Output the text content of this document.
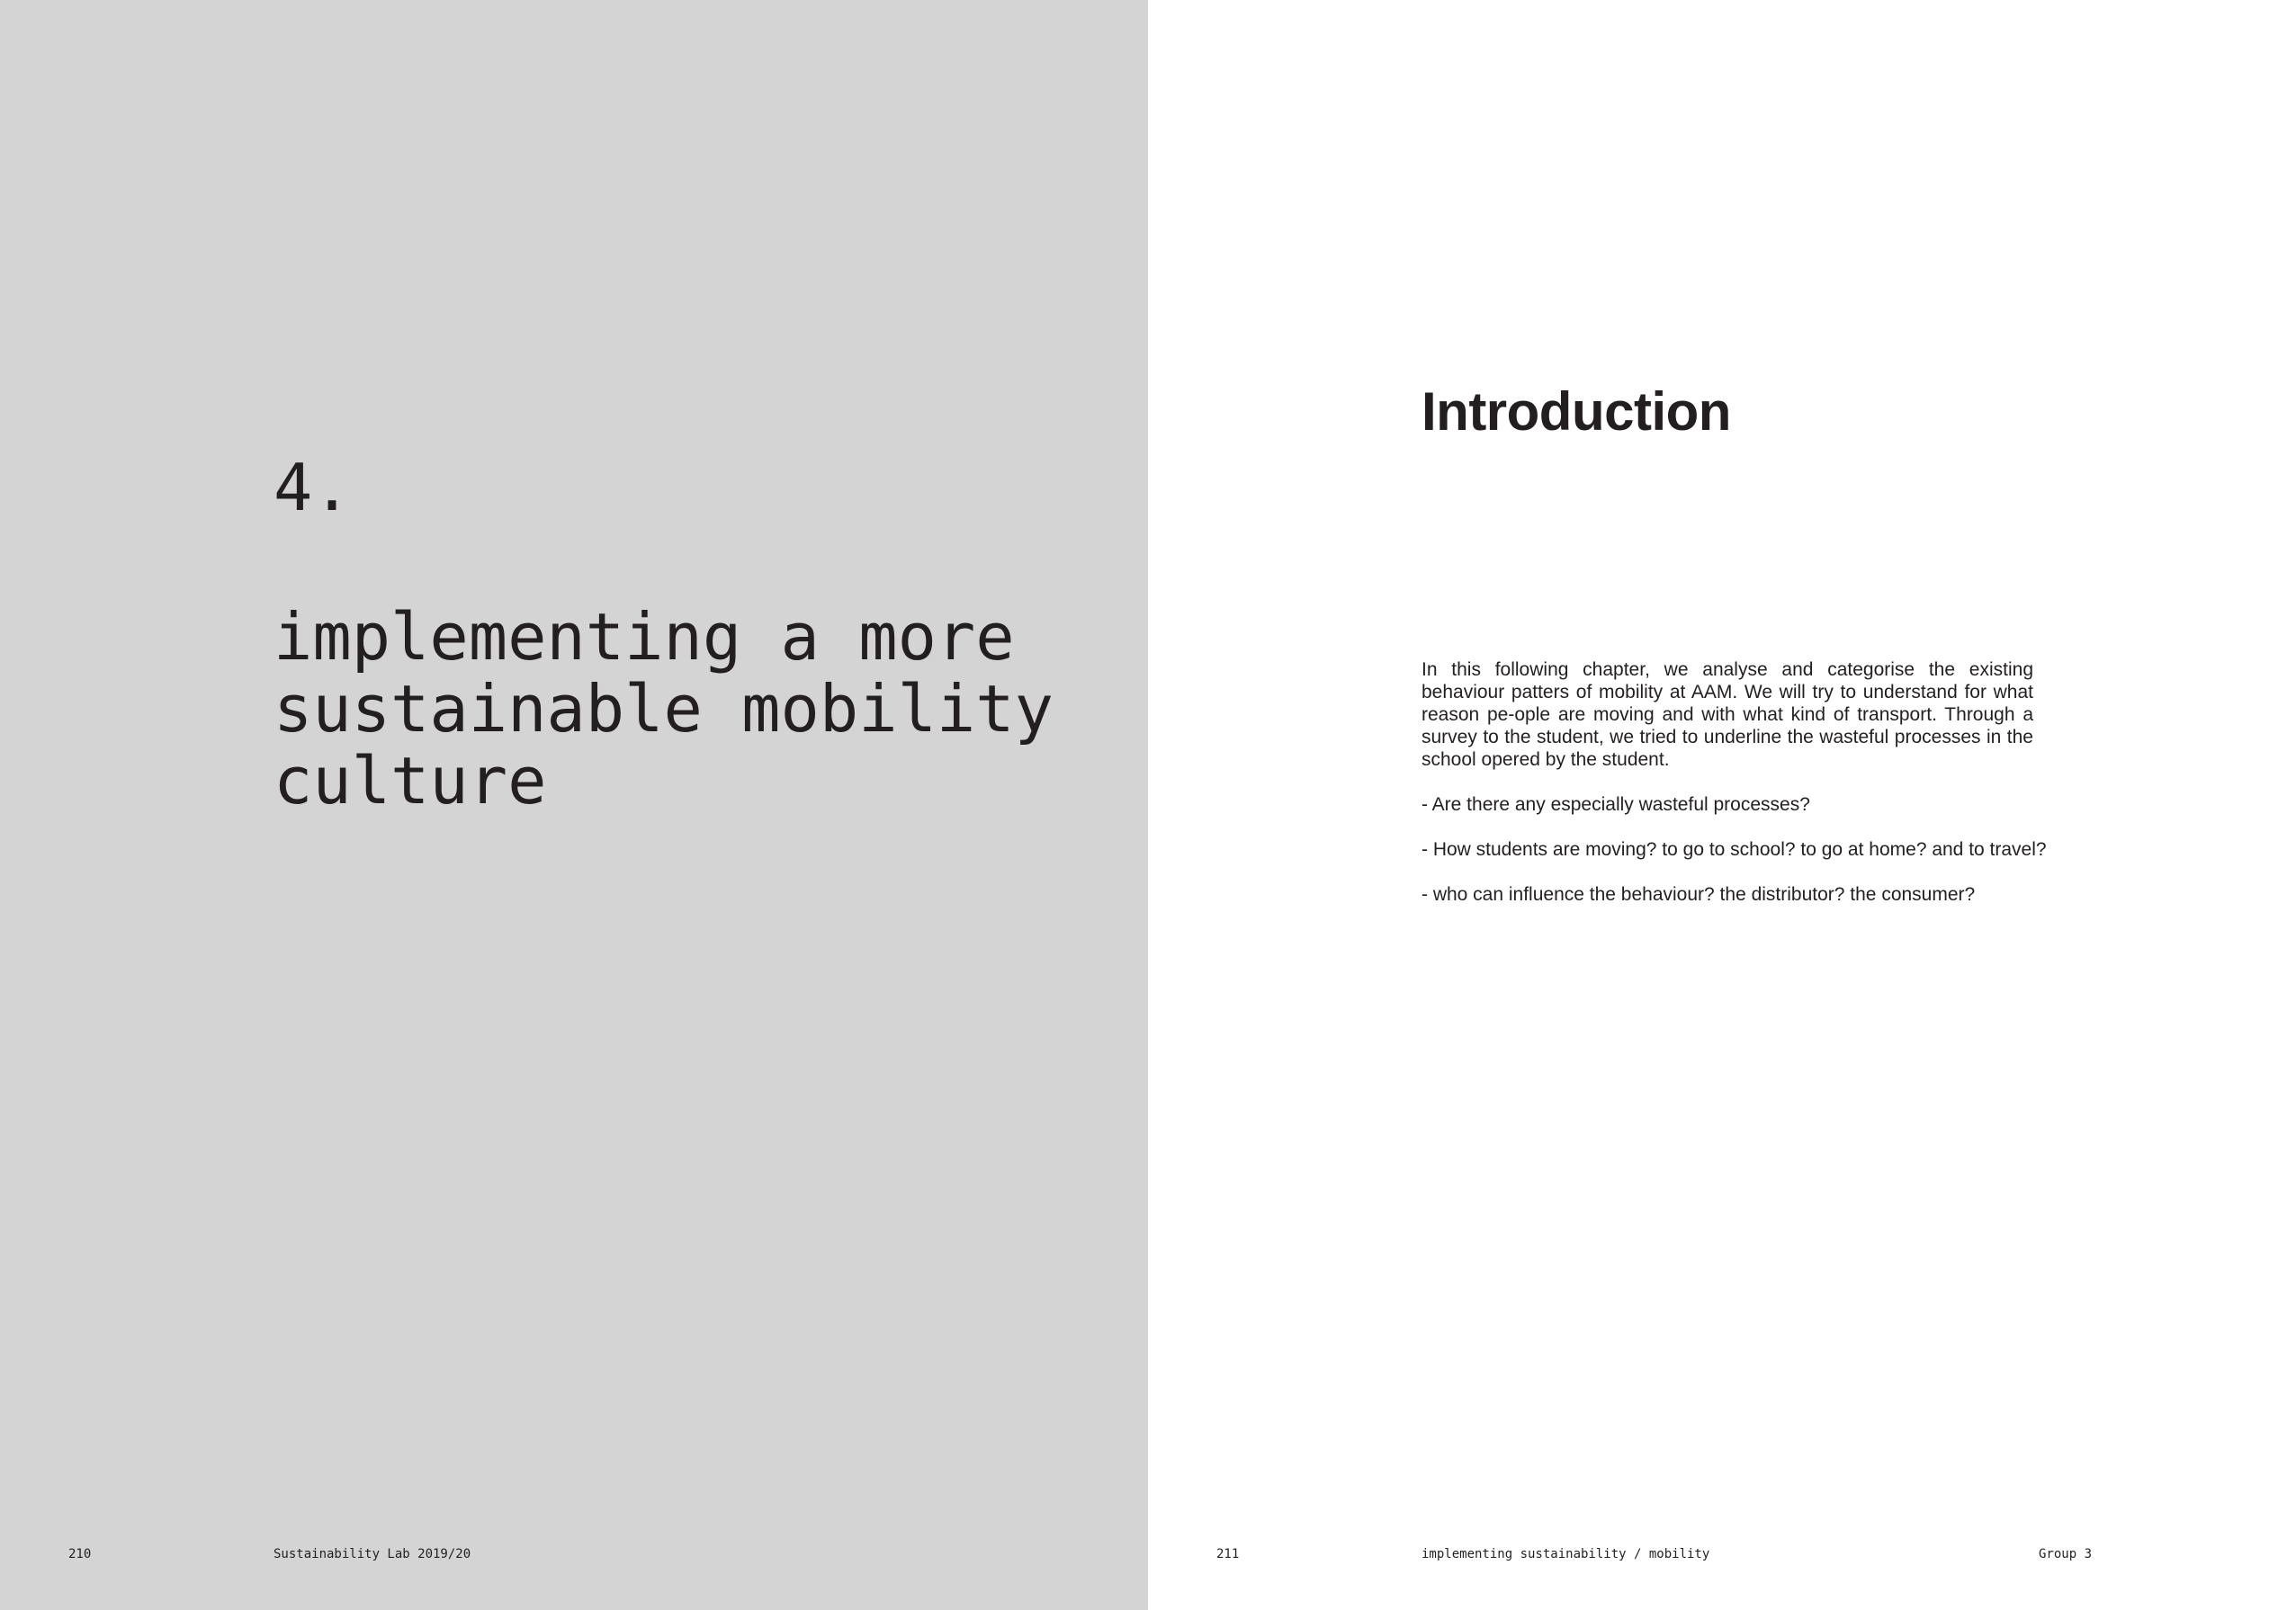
4.
implementing a more
sustainable mobility
culture
210	Sustainability Lab 2019/20
Introduction

In this following chapter, we analyse and categorise the existing behaviour patters of mobility at AAM. We will try to understand for what reason pe-ople are moving and with what kind of transport. Through a survey to the student, we tried to underline the wasteful processes in the school opered by the student.

- Are there any especially wasteful processes?

- How students are moving? to go to school? to go at home? and to travel?

- who can influence the behaviour? the distributor? the consumer?

211	implementing sustainability / mobility	Group 3
